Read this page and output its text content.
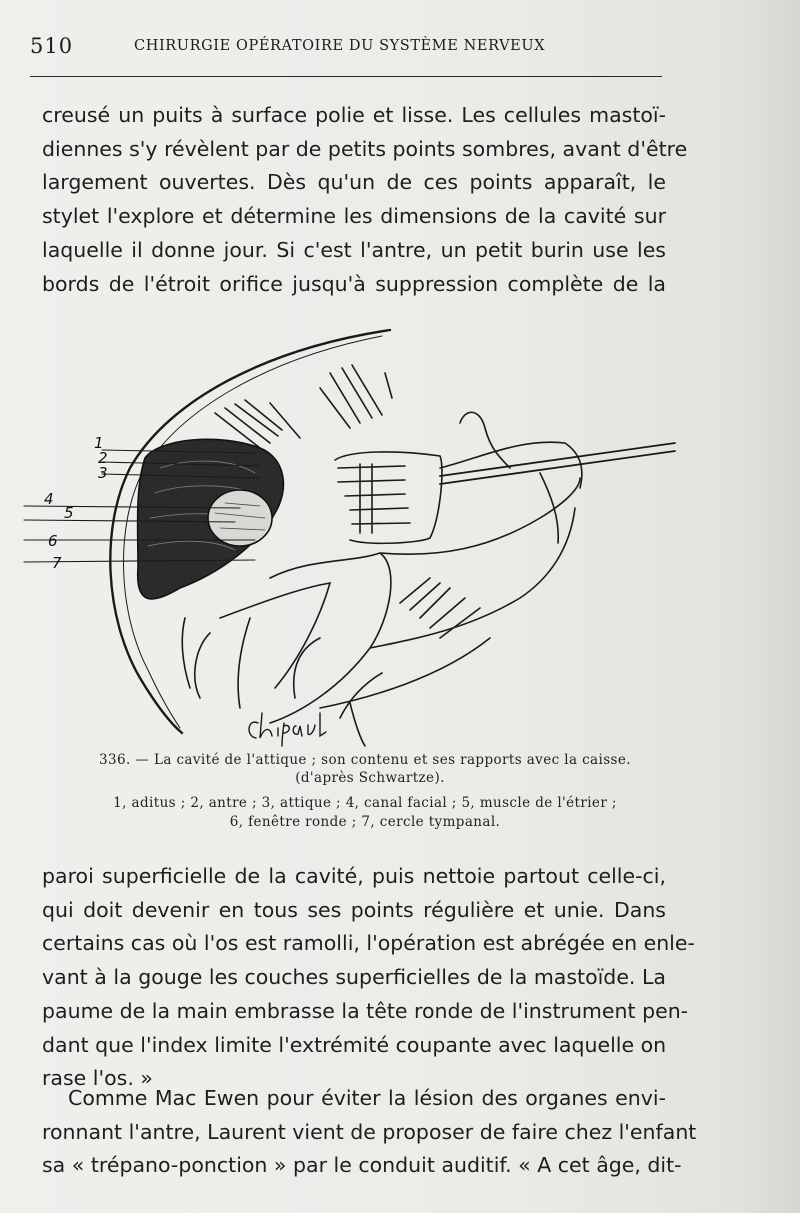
510	CHIRURGIE OPÉRATOIRE DU SYSTÈME NERVEUX

creusé un puits à surface polie et lisse. Les cellules mastoï-
diennes s'y révèlent par de petits points sombres, avant d'être
largement ouvertes. Dès qu'un de ces points apparaît, le
stylet l'explore et détermine les dimensions de la cavité sur
laquelle il donne jour. Si c'est l'antre, un petit burin use les
bords de l'étroit orifice jusqu'à suppression complète de la

1
2
3
4
5
6
7
336. — La cavité de l'attique ; son contenu et ses rapports avec la caisse.
(d'après Schwartze).
1, aditus ; 2, antre ; 3, attique ; 4, canal facial ; 5, muscle de l'étrier ;
6, fenêtre ronde ; 7, cercle tympanal.

paroi superficielle de la cavité, puis nettoie partout celle-ci,
qui doit devenir en tous ses points régulière et unie. Dans
certains cas où l'os est ramolli, l'opération est abrégée en enle-
vant à la gouge les couches superficielles de la mastoïde. La
paume de la main embrasse la tête ronde de l'instrument pen-
dant que l'index limite l'extrémité coupante avec laquelle on
rase l'os. »

Comme Mac Ewen pour éviter la lésion des organes envi-
ronnant l'antre, Laurent vient de proposer de faire chez l'enfant
sa « trépano-ponction » par le conduit auditif. « A cet âge, dit-
